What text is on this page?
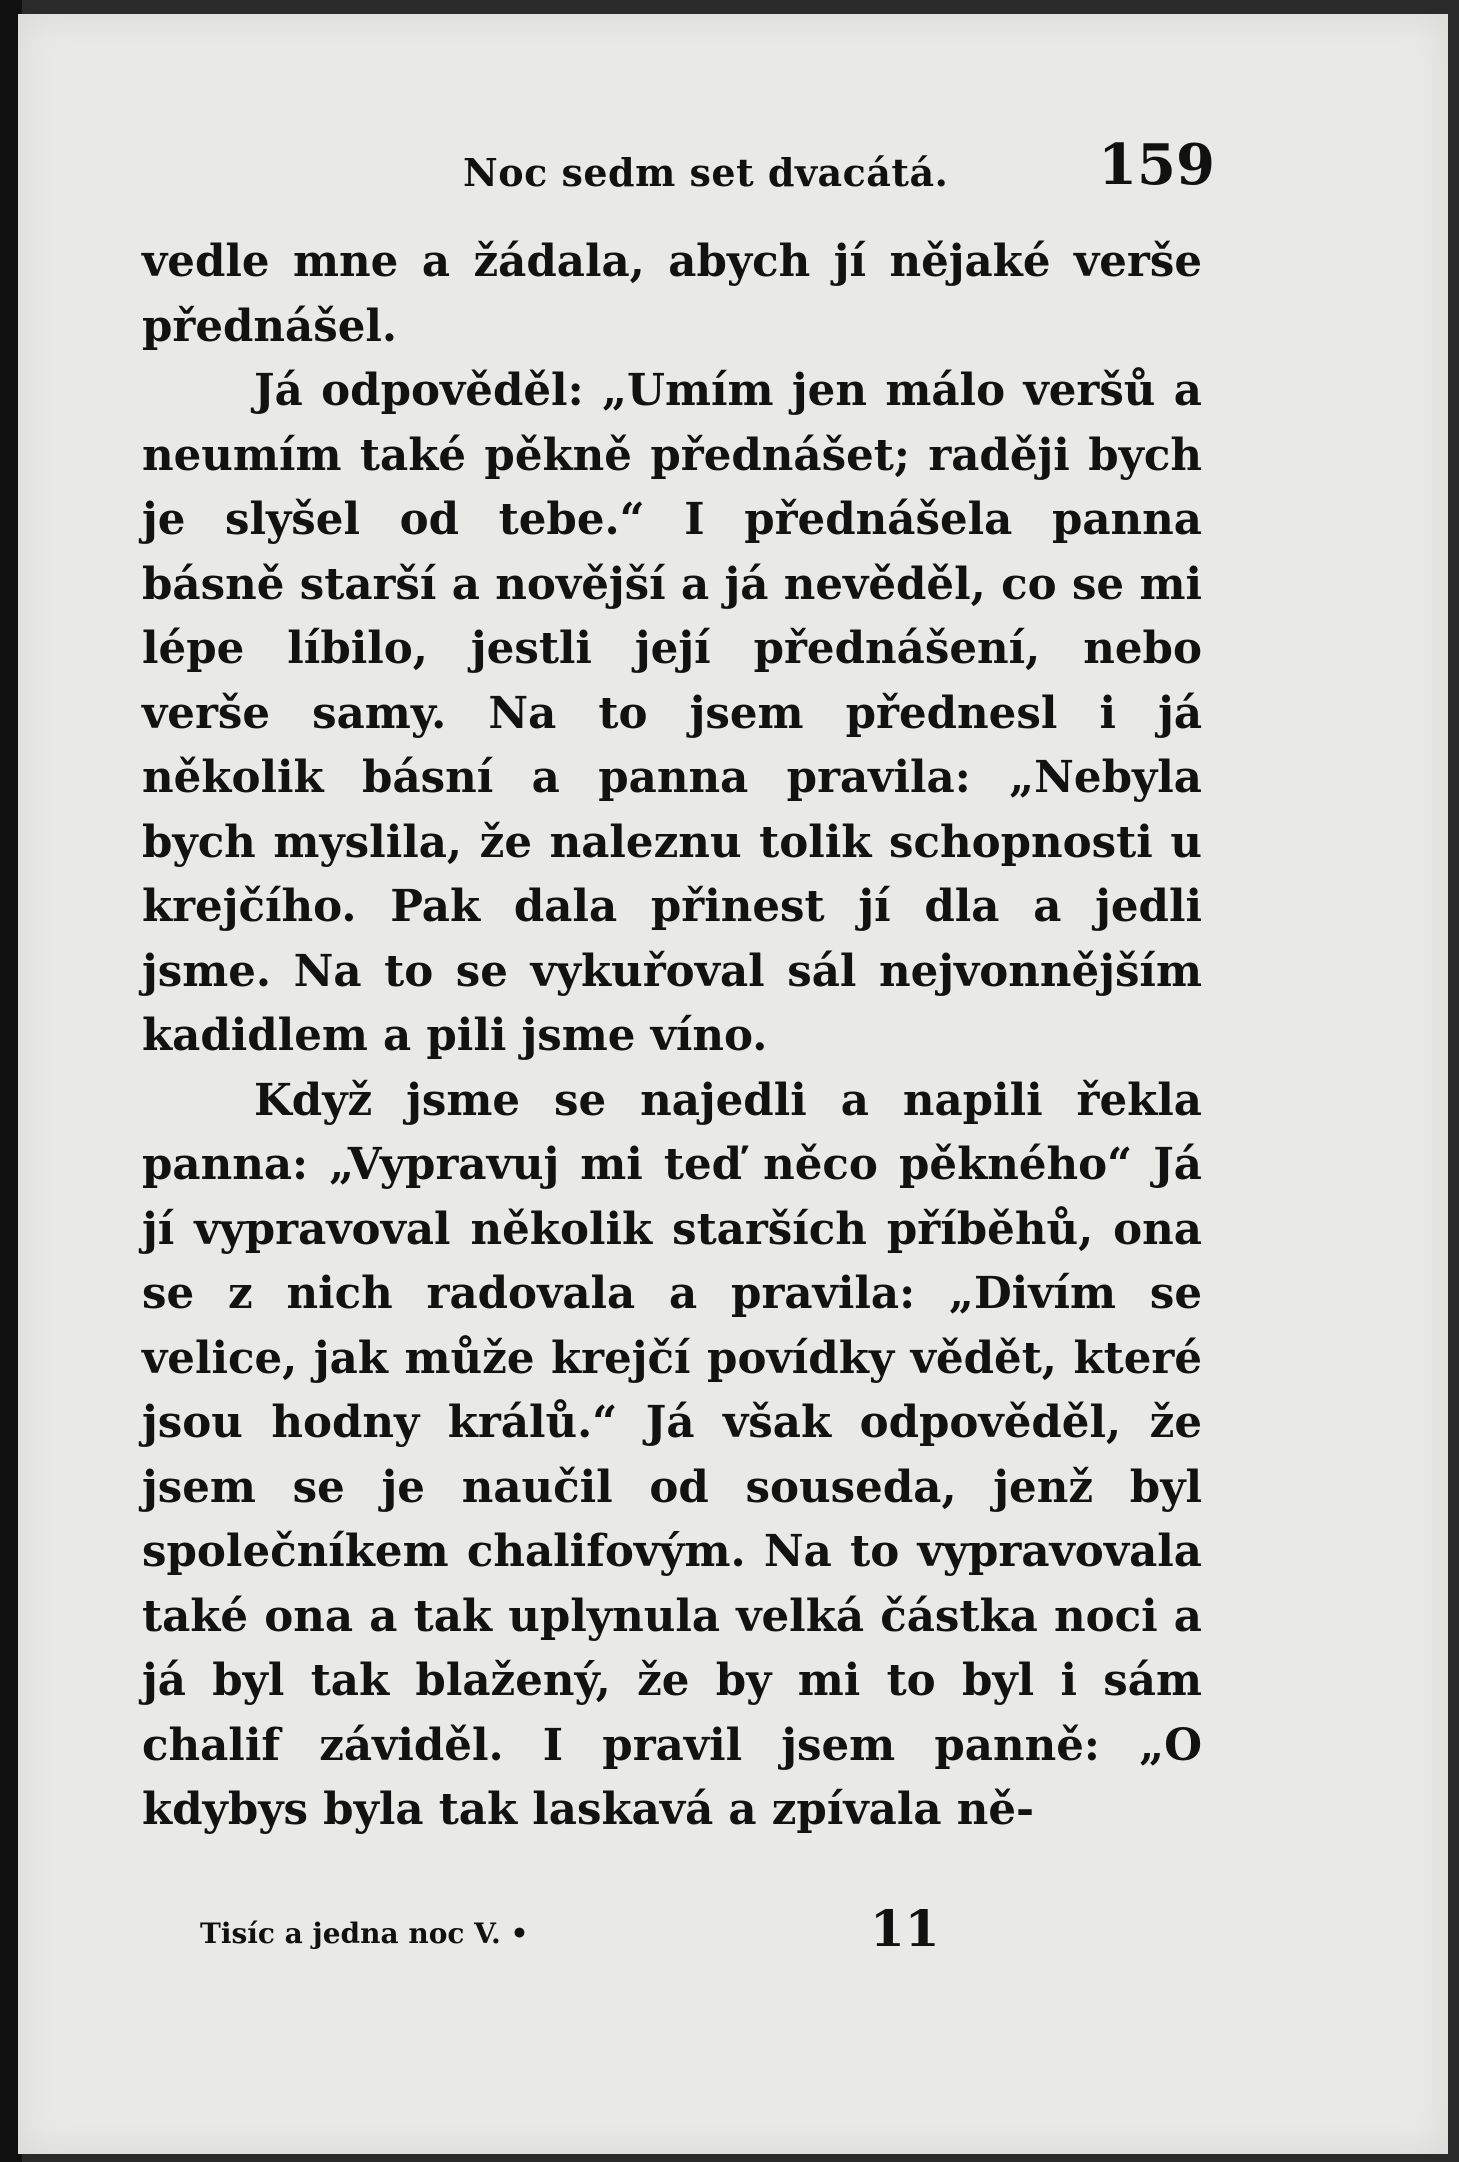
Noc sedm set dvacátá.	159

vedle mne a žádala, abych jí nějaké verše přednášel.

Já odpověděl: „Umím jen málo veršů a neumím také pěkně přednášet; raději bych je slyšel od tebe.“ I přednášela panna básně starší a novější a já nevěděl, co se mi lépe líbilo, jestli její přednášení, nebo verše samy. Na to jsem přednesl i já několik básní a panna pravila: „Nebyla bych myslila, že naleznu tolik schopnosti u krejčího. Pak dala přinest jí dla a jedli jsme. Na to se vykuřoval sál nejvonnějším kadidlem a pili jsme víno.

Když jsme se najedli a napili řekla panna: „Vypravuj mi teď něco pěkného“ Já jí vypravoval několik starších příběhů, ona se z nich radovala a pravila: „Divím se velice, jak může krejčí povídky vědět, které jsou hodny králů.“ Já však odpověděl, že jsem se je naučil od souseda, jenž byl společníkem chalifovým. Na to vypravovala také ona a tak uplynula velká částka noci a já byl tak blažený, že by mi to byl i sám chalif záviděl. I pravil jsem panně: „O kdybys byla tak laskavá a zpívala ně-

Tisíc a jedna noc V. •	11
